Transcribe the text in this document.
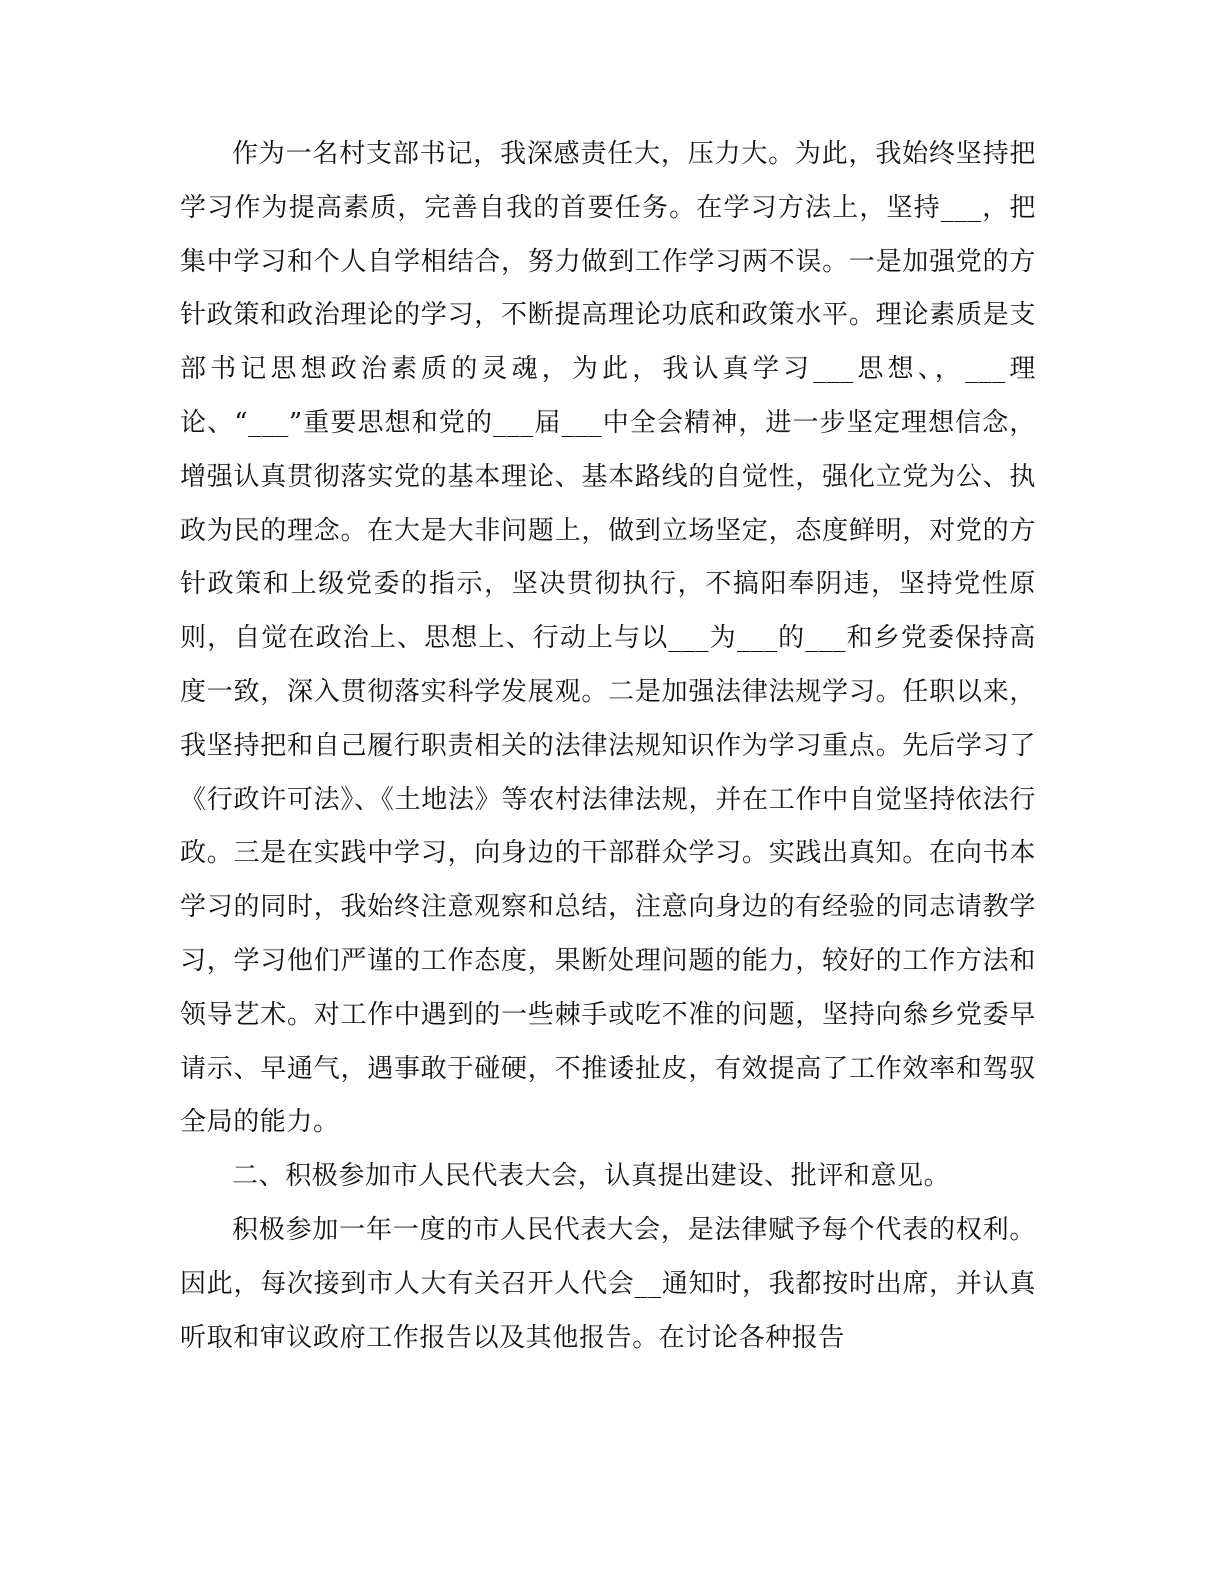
作为一名村支部书记，我深感责任大，压力大。为此，我始终坚持把学习作为提高素质，完善自我的首要任务。在学习方法上，坚持___，把集中学习和个人自学相结合，努力做到工作学习两不误。一是加强党的方针政策和政治理论的学习，不断提高理论功底和政策水平。理论素质是支部书记思想政治素质的灵魂，为此，我认真学习___思想、，___理论、“___”重要思想和党的___届___中全会精神，进一步坚定理想信念，增强认真贯彻落实党的基本理论、基本路线的自觉性，强化立党为公、执政为民的理念。在大是大非问题上，做到立场坚定，态度鲜明，对党的方针政策和上级党委的指示，坚决贯彻执行，不搞阳奉阴违，坚持党性原则，自觉在政治上、思想上、行动上与以___为___的___和乡党委保持高度一致，深入贯彻落实科学发展观。二是加强法律法规学习。任职以来，我坚持把和自己履行职责相关的法律法规知识作为学习重点。先后学习了《行政许可法》、《土地法》等农村法律法规，并在工作中自觉坚持依法行政。三是在实践中学习，向身边的干部群众学习。实践出真知。在向书本学习的同时，我始终注意观察和总结，注意向身边的有经验的同志请教学习，学习他们严谨的工作态度，果断处理问题的能力，较好的工作方法和领导艺术。对工作中遇到的一些棘手或吃不准的问题，坚持向叅乡党委早请示、早通气，遇事敢于碰硬，不推诿扯皮，有效提高了工作效率和驾驭全局的能力。

二、积极参加市人民代表大会，认真提出建设、批评和意见。

积极参加一年一度的市人民代表大会，是法律赋予每个代表的权利。因此，每次接到市人大有关召开人代会__通知时，我都按时出席，并认真听取和审议政府工作报告以及其他报告。在讨论各种报告
